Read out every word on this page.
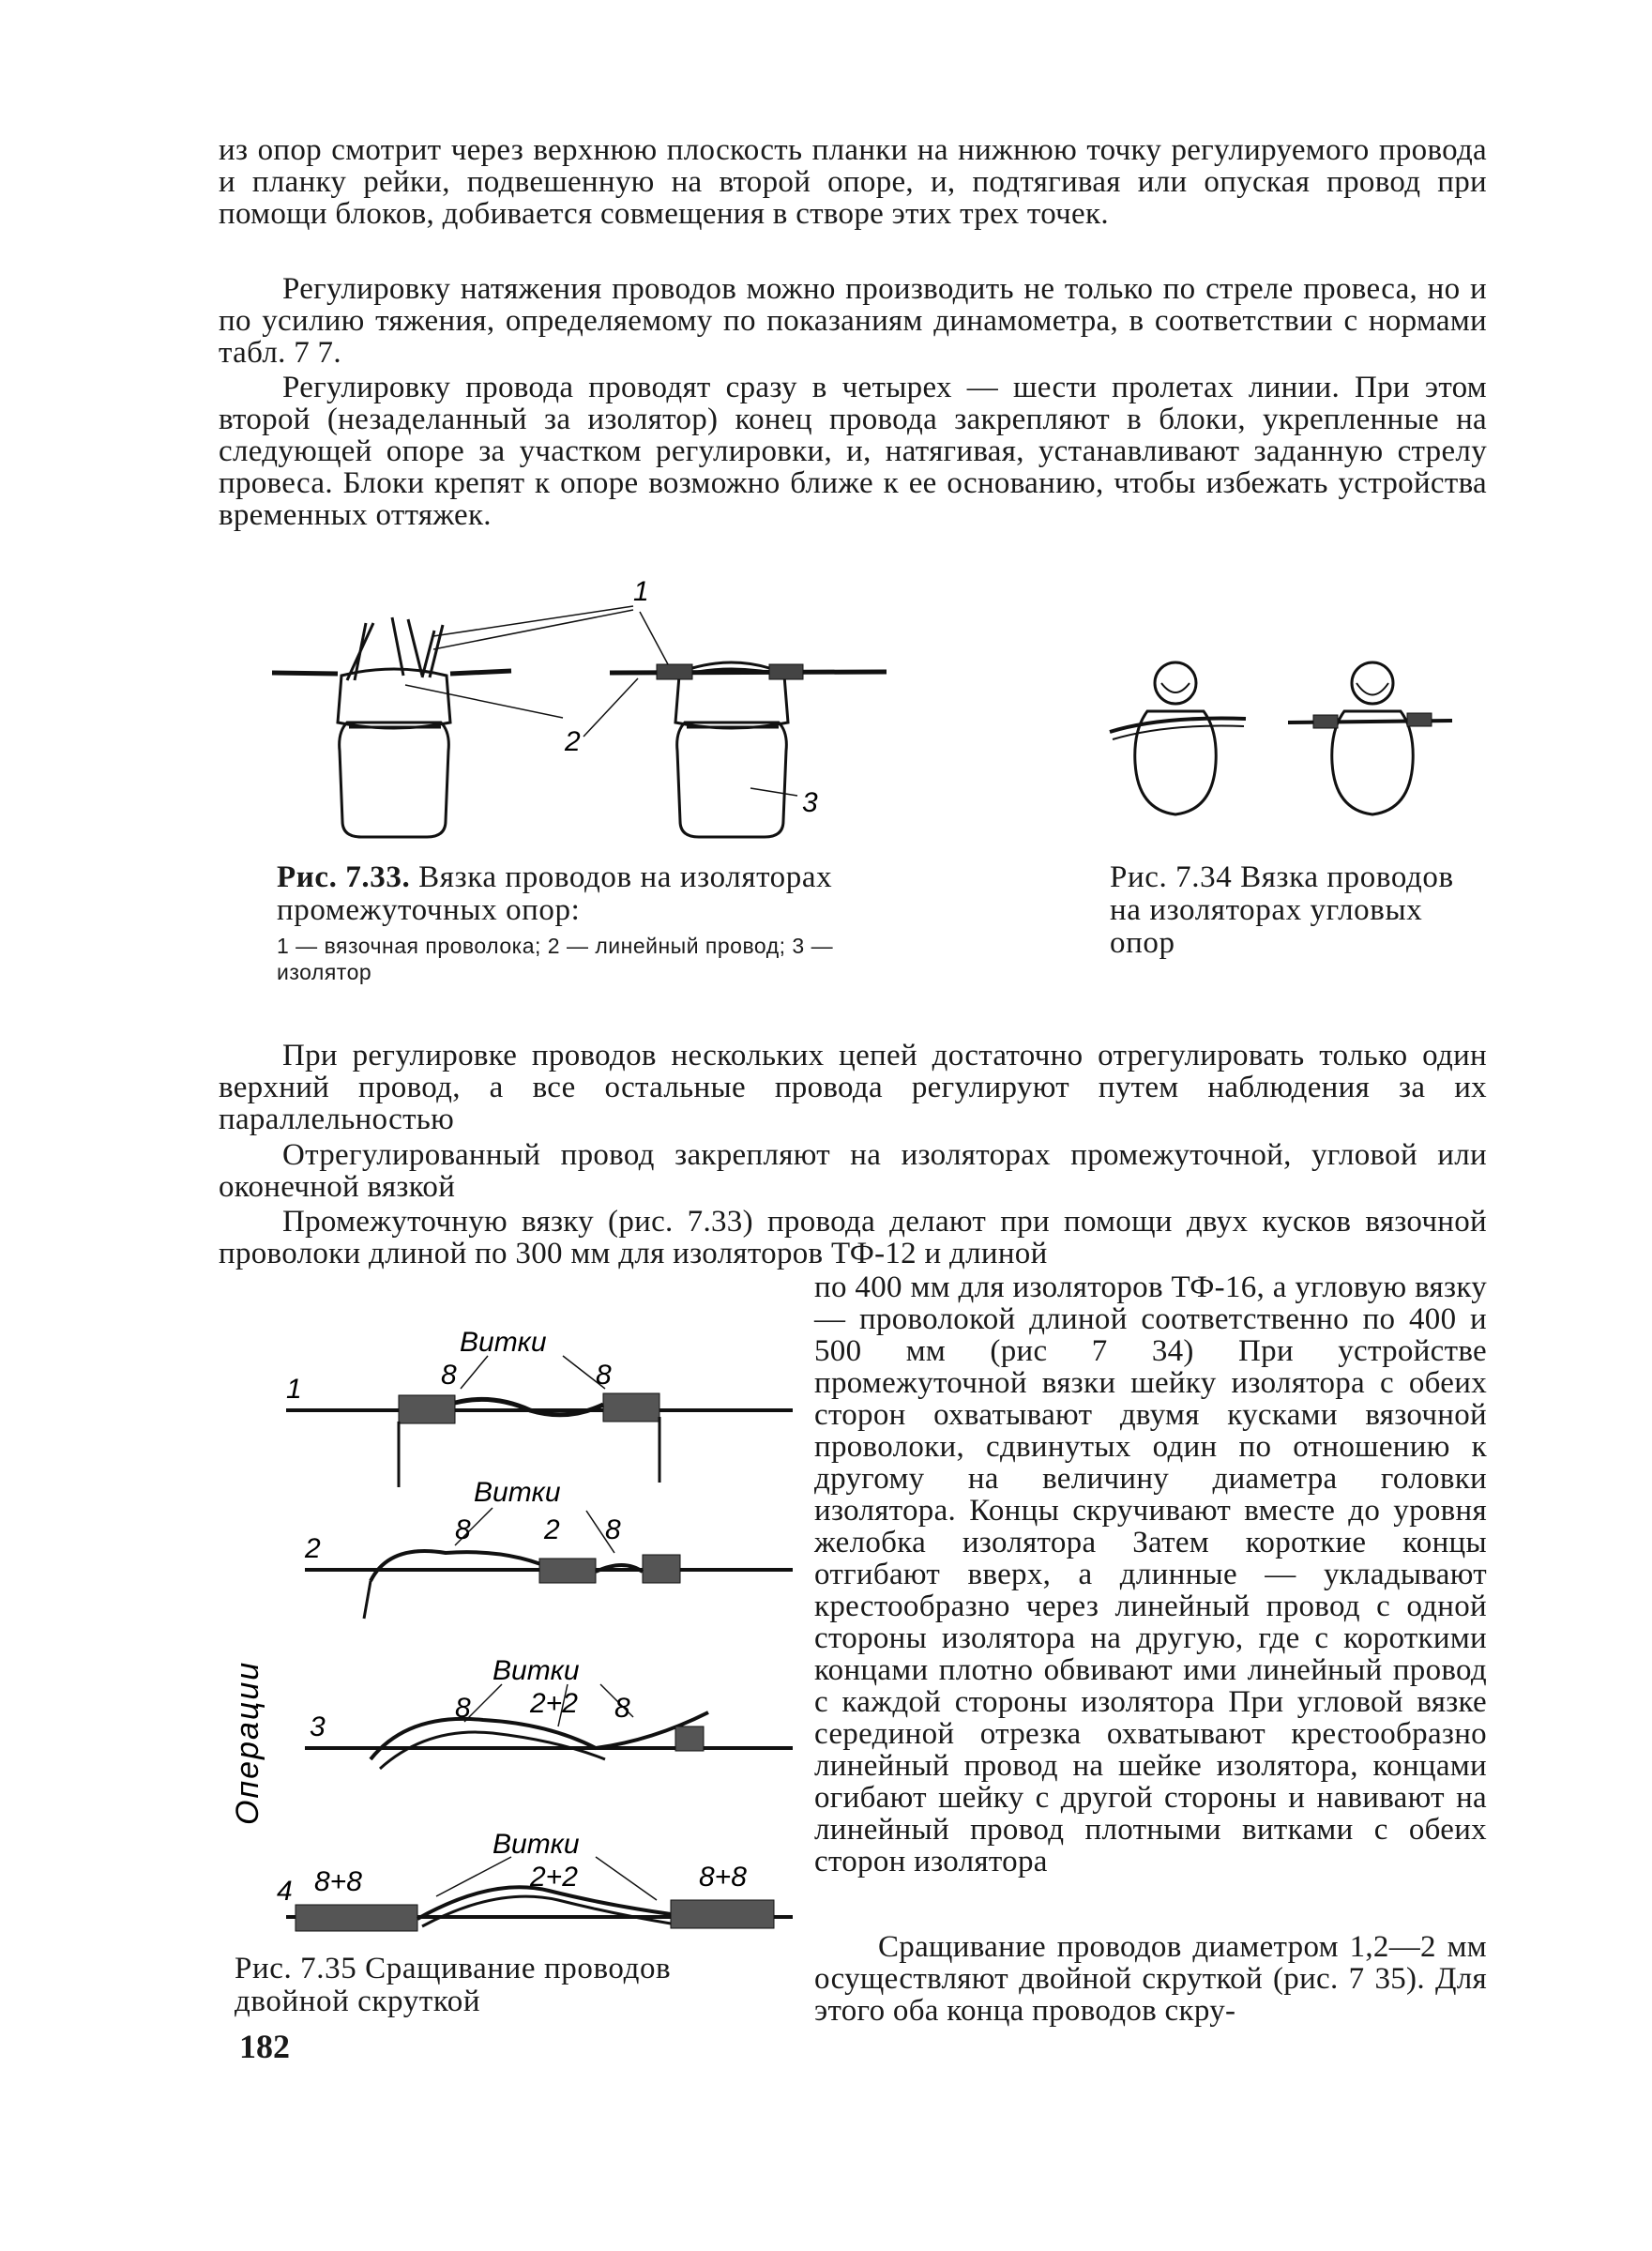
из опор смотрит через верхнюю плоскость планки на нижнюю точку регулируемого провода и планку рейки, подвешенную на второй опоре, и, подтягивая или опуская провод при помощи блоков, добивается совмещения в створе этих трех точек.

Регулировку натяжения проводов можно производить не только по стреле провеса, но и по усилию тяжения, определяемому по показаниям динамометра, в соответствии с нормами табл. 7 7.

Регулировку провода проводят сразу в четырех — шести пролетах линии. При этом второй (незаделанный за изолятор) конец провода закрепляют в блоки, укрепленные на следующей опоре за участком регулировки, и, натягивая, устанавливают заданную стрелу провеса. Блоки крепят к опоре возможно ближе к ее основанию, чтобы избежать устройства временных оттяжек.

1
2
3
Рис. 7.33. Вязка проводов на изоляторах промежуточных опор:
1 — вязочная проволока; 2 — линейный провод; 3 — изолятор
Рис. 7.34 Вязка проводов на изоляторах угловых опор

При регулировке проводов нескольких цепей достаточно отрегулировать только один верхний провод, а все остальные провода регулируют путем наблюдения за их параллельностью

Отрегулированный провод закрепляют на изоляторах промежуточной, угловой или оконечной вязкой

Промежуточную вязку (рис. 7.33) провода делают при помощи двух кусков вязочной проволоки длиной по 300 мм для изоляторов ТФ-12 и длиной

по 400 мм для изоляторов ТФ-16, а угловую вязку — проволокой длиной соответственно по 400 и 500 мм (рис 7 34) При устройстве промежуточной вязки шейку изолятора с обеих сторон охватывают двумя кусками вязочной проволоки, сдвинутых один по отношению к другому на величину диаметра головки изолятора. Концы скручивают вместе до уровня желобка изолятора Затем короткие концы отгибают вверх, а длинные — укладывают крестообразно через линейный провод с одной стороны изолятора на другую, где с короткими концами плотно обвивают ими линейный провод с каждой стороны изолятора При угловой вязке серединой отрезка охватывают крестообразно линейный провод на шейке изолятора, концами огибают шейку с другой стороны и навивают на линейный провод плотными витками с обеих сторон изолятора

Сращивание проводов диаметром 1,2—2 мм осуществляют двойной скруткой (рис. 7 35). Для этого оба конца проводов скру-

Операции
Витки
1	8	8
Витки
2
8	2 8
Витки
3
8 2+2 8
Витки
4 8+8	2+2	8+8
Рис. 7.35 Сращивание проводов двойной скруткой
182
